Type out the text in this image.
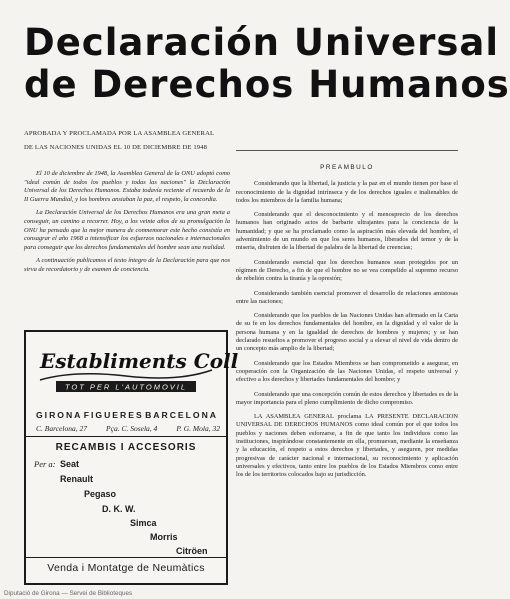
Declaración Universal
de Derechos Humanos
APROBADA Y PROCLAMADA POR LA ASAMBLEA GENERAL
DE LAS NACIONES UNIDAS EL 10 DE DICIEMBRE DE 1948

El 10 de diciembre de 1948, la Asamblea General de la ONU adoptó como "ideal común de todos los pueblos y todas las naciones" la Declaración Universal de los Derechos Humanos. Estaba todavía reciente el recuerdo de la II Guerra Mundial, y los hombres ansiaban la paz, el respeto, la concordia.

La Declaración Universal de los Derechos Humanos era una gran meta a conseguir, un camino a recorrer. Hoy, a los veinte años de su promulgación la ONU ha pensado que la mejor manera de conmemorar este hecho consistía en consagrar el año 1968 a intensificar los esfuerzos nacionales e internacionales para conseguir que los derechos fundamentales del hombre sean una realidad.

A continuación publicamos el texto íntegro de la Declaración para que nos sirva de recordatorio y de examen de conciencia.

Establiments Coll
TOT PER L'AUTOMOVIL
GIRONA FIGUERES BARCELONA
C. Barcelona, 27	Pça. C. Sosela, 4	P. G. Mola, 32
RECAMBIS I ACCESORIS
Per a: Seat
Renault
Pegaso
D. K. W.
Simca
Morris
Citröen
Venda i Montatge de Neumàtics
PREAMBULO

Considerando que la libertad, la justicia y la paz en el mundo tienen por base el reconocimiento de la dignidad intrínseca y de los derechos iguales e inalienables de todos los miembros de la familia humana;

Considerando que el desconocimiento y el menosprecio de los derechos humanos han originado actos de barbarie ultrajantes para la conciencia de la humanidad; y que se ha proclamado como la aspiración más elevada del hombre, el advenimiento de un mundo en que los seres humanos, liberados del temor y de la miseria, disfruten de la libertad de palabra de la libertad de creencias;

Considerando esencial que los derechos humanos sean protegidos por un régimen de Derecho, a fin de que el hombre no se vea compelido al supremo recurso de rebelión contra la tiranía y la opresión;

Considerando también esencial promover el desarrollo de relaciones amistosas entre las naciones;

Considerando que los pueblos de las Naciones Unidas han afirmado en la Carta de su fe en los derechos fundamentales del hombre, en la dignidad y el valor de la persona humana y en la igualdad de derechos de hombres y mujeres; y se han declarado resueltos a promover el progreso social y a elevar el nivel de vida dentro de un concepto más amplio de la libertad;

Considerando que los Estados Miembros se han comprometido a asegurar, en cooperación con la Organización de las Naciones Unidas, el respeto universal y efectivo a los derechos y libertades fundamentales del hombre; y

Considerando que una concepción común de estos derechos y libertades es de la mayor importancia para el pleno cumplimiento de dicho compromiso.

LA ASAMBLEA GENERAL proclama LA PRESENTE DECLARACION UNIVERSAL DE DERECHOS HUMANOS como ideal común por el que todos los pueblos y naciones deben esforzarse, a fin de que tanto los individuos como las instituciones, inspirándose constantemente en ella, promuevan, mediante la enseñanza y la educación, el respeto a estos derechos y libertades, y aseguren, por medidas progresivas de carácter nacional e internacional, su reconocimiento y aplicación universales y efectivos, tanto entre los pueblos de los Estados Miembros como entre los de los territorios colocados bajo su jurisdicción.

Diputació de Girona — Servei de Biblioteques
